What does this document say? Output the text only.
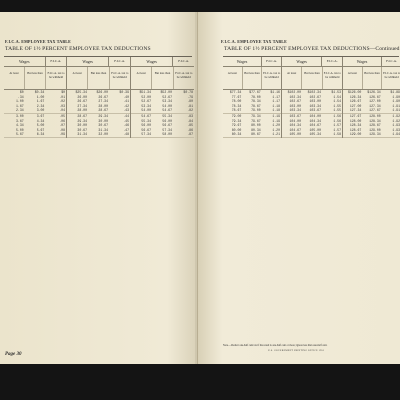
F.I.C.A. EMPLOYEE TAX TABLE
TABLE OF 1½ PERCENT EMPLOYEE TAX DEDUCTIONS
Wages	F.I.C.A.
At least	But less than	F.I.C.A. tax to be withheld
$0	$0.34	$0
.34	1.00	.01
1.00	1.67	.02
1.67	2.34	.03
2.34	3.00	.04
3.00	3.67	.05
3.67	4.34	.06
4.34	5.00	.07
5.00	5.67	.08
5.67	6.34	.09
Wages	F.I.C.A.
At least	But less than	F.I.C.A. tax to be withheld
$25.34	$26.00	$0.39
26.00	26.67	.40
26.67	27.34	.41
27.34	28.00	.42
28.00	28.67	.43
28.67	29.34	.44
29.34	30.00	.45
30.00	30.67	.46
30.67	31.34	.47
31.34	32.00	.48
Wages	F.I.C.A.
At least	But less than	F.I.C.A. tax to be withheld
$51.34	$52.00	$0.78
52.00	52.67	.79
52.67	53.34	.80
53.34	54.00	.81
54.00	54.67	.82
54.67	55.34	.83
55.34	56.00	.84
56.00	56.67	.85
56.67	57.34	.86
57.34	58.00	.87
Page 30
F.I.C.A. EMPLOYEE TAX TABLE
TABLE OF 1½ PERCENT EMPLOYEE TAX DEDUCTIONS—Continued
Wages	F.I.C.A.
At least	But less than	F.I.C.A. tax to be withheld
$77.34	$77.67	$1.16
77.67	78.00	1.17
78.00	78.34	1.17
78.34	78.67	1.18
78.67	79.00	1.18
79.00	79.34	1.19
79.34	79.67	1.19
79.67	80.00	1.20
80.00	80.34	1.20
80.34	80.67	1.21
Wages	F.I.C.A.
At least	But less than	F.I.C.A. tax to be withheld
$102.00	$102.34	$1.53
102.34	102.67	1.54
102.67	103.00	1.54
103.00	103.34	1.55
103.34	103.67	1.55
103.67	104.00	1.56
104.00	104.34	1.56
104.34	104.67	1.57
104.67	105.00	1.57
105.00	105.34	1.58
Wages	F.I.C.A.
At least	But less than	F.I.C.A. tax to be withheld
$126.00	$126.34	$1.89
126.34	126.67	1.90
126.67	127.00	1.90
127.00	127.34	1.91
127.34	127.67	1.91
127.67	128.00	1.92
128.00	128.34	1.92
128.34	128.67	1.93
128.67	129.00	1.93
129.00	129.34	1.94
Note.—Deduct one-half cent tax if the result is one-half cent or more; ignore less than one-half cent.
U.S. GOVERNMENT PRINTING OFFICE 1951
